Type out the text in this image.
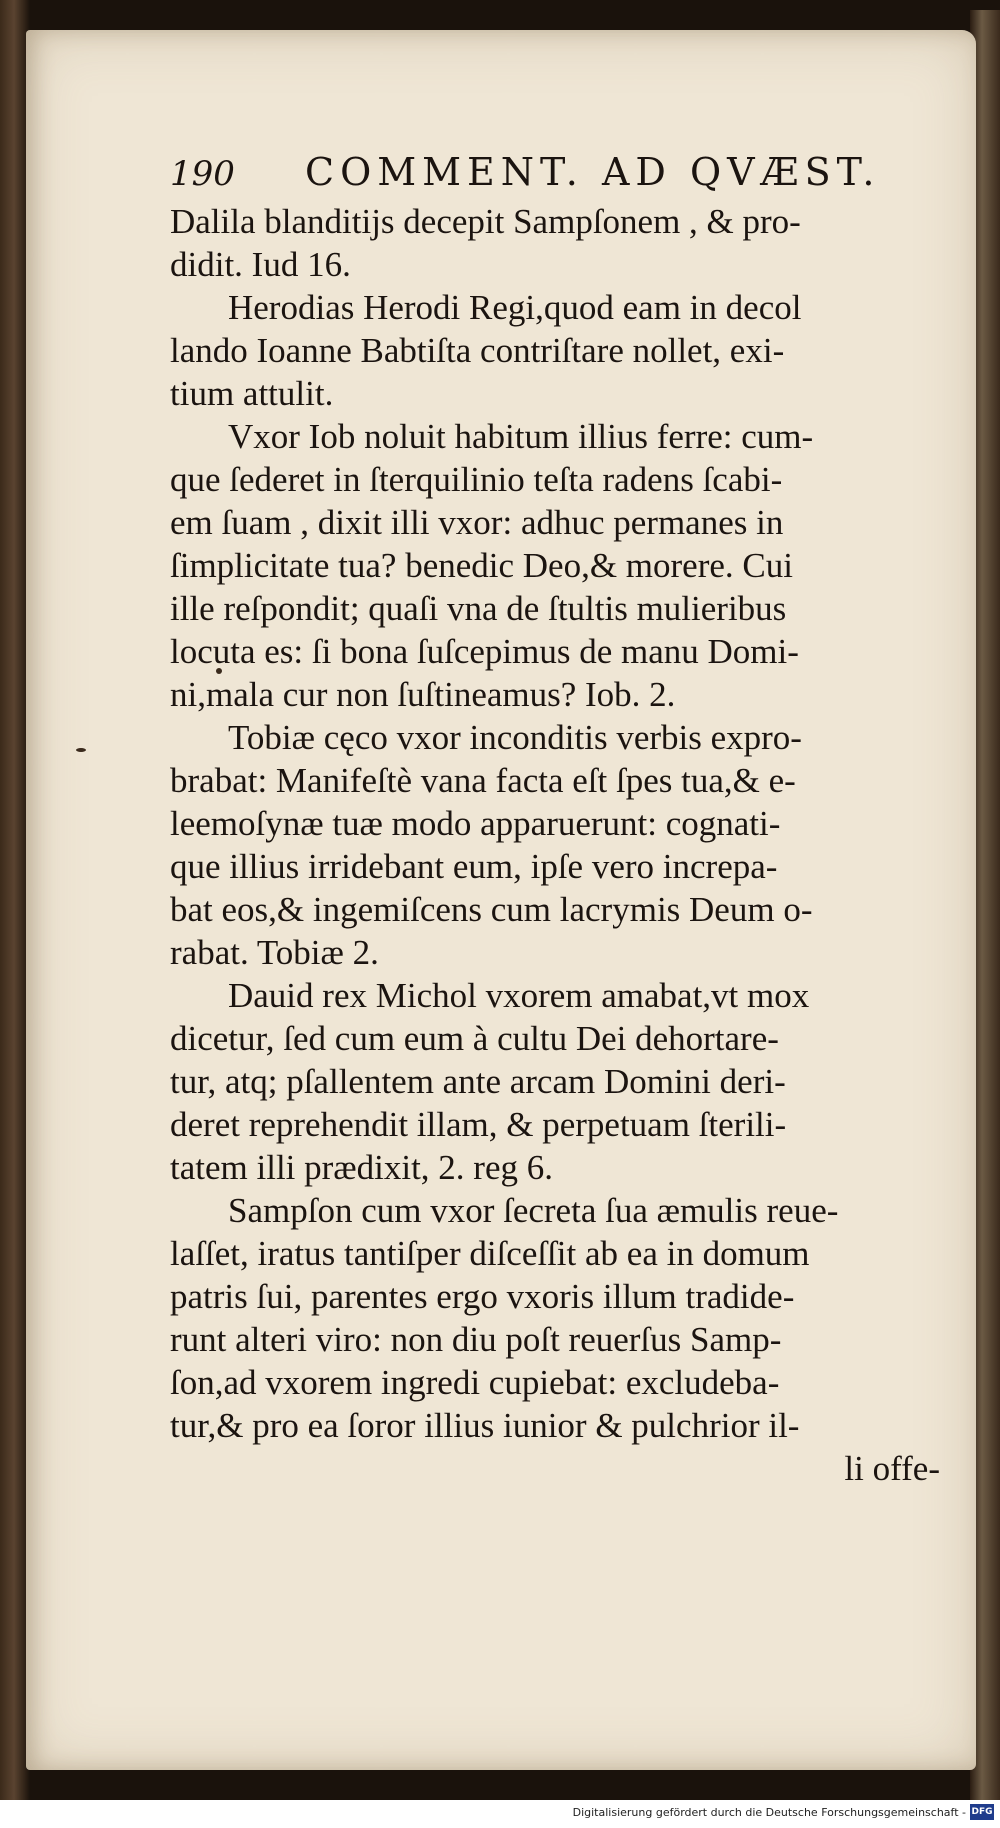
190 COMMENT. AD QVÆST.
Dalila blanditijs decepit Sampſonem , & pro-
didit. Iud 16.
Herodias Herodi Regi,quod eam in decol
lando Ioanne Babtiſta contriſtare nollet, exi-
tium attulit.
Vxor Iob noluit habitum illius ferre: cum-
que ſederet in ſterquilinio teſta radens ſcabi-
em ſuam , dixit illi vxor: adhuc permanes in
ſimplicitate tua? benedic Deo,& morere. Cui
ille reſpondit; quaſi vna de ſtultis mulieribus
locuta es: ſi bona ſuſcepimus de manu Domi-
ni,mala cur non ſuſtineamus? Iob. 2.
Tobiæ cęco vxor inconditis verbis expro-
brabat: Manifeſtè vana facta eſt ſpes tua,& e-
leemoſynæ tuæ modo apparuerunt: cognati-
que illius irridebant eum, ipſe vero increpa-
bat eos,& ingemiſcens cum lacrymis Deum o-
rabat. Tobiæ 2.
Dauid rex Michol vxorem amabat,vt mox
dicetur, ſed cum eum à cultu Dei dehortare-
tur, atq; pſallentem ante arcam Domini deri-
deret reprehendit illam, & perpetuam ſterili-
tatem illi prædixit, 2. reg 6.
Sampſon cum vxor ſecreta ſua æmulis reue-
laſſet, iratus tantiſper diſceſſit ab ea in domum
patris ſui, parentes ergo vxoris illum tradide-
runt alteri viro: non diu poſt reuerſus Samp-
ſon,ad vxorem ingredi cupiebat: excludeba-
tur,& pro ea ſoror illius iunior & pulchrior il-
li offe-
Digitalisierung gefördert durch die Deutsche Forschungsgemeinschaft - DFG
